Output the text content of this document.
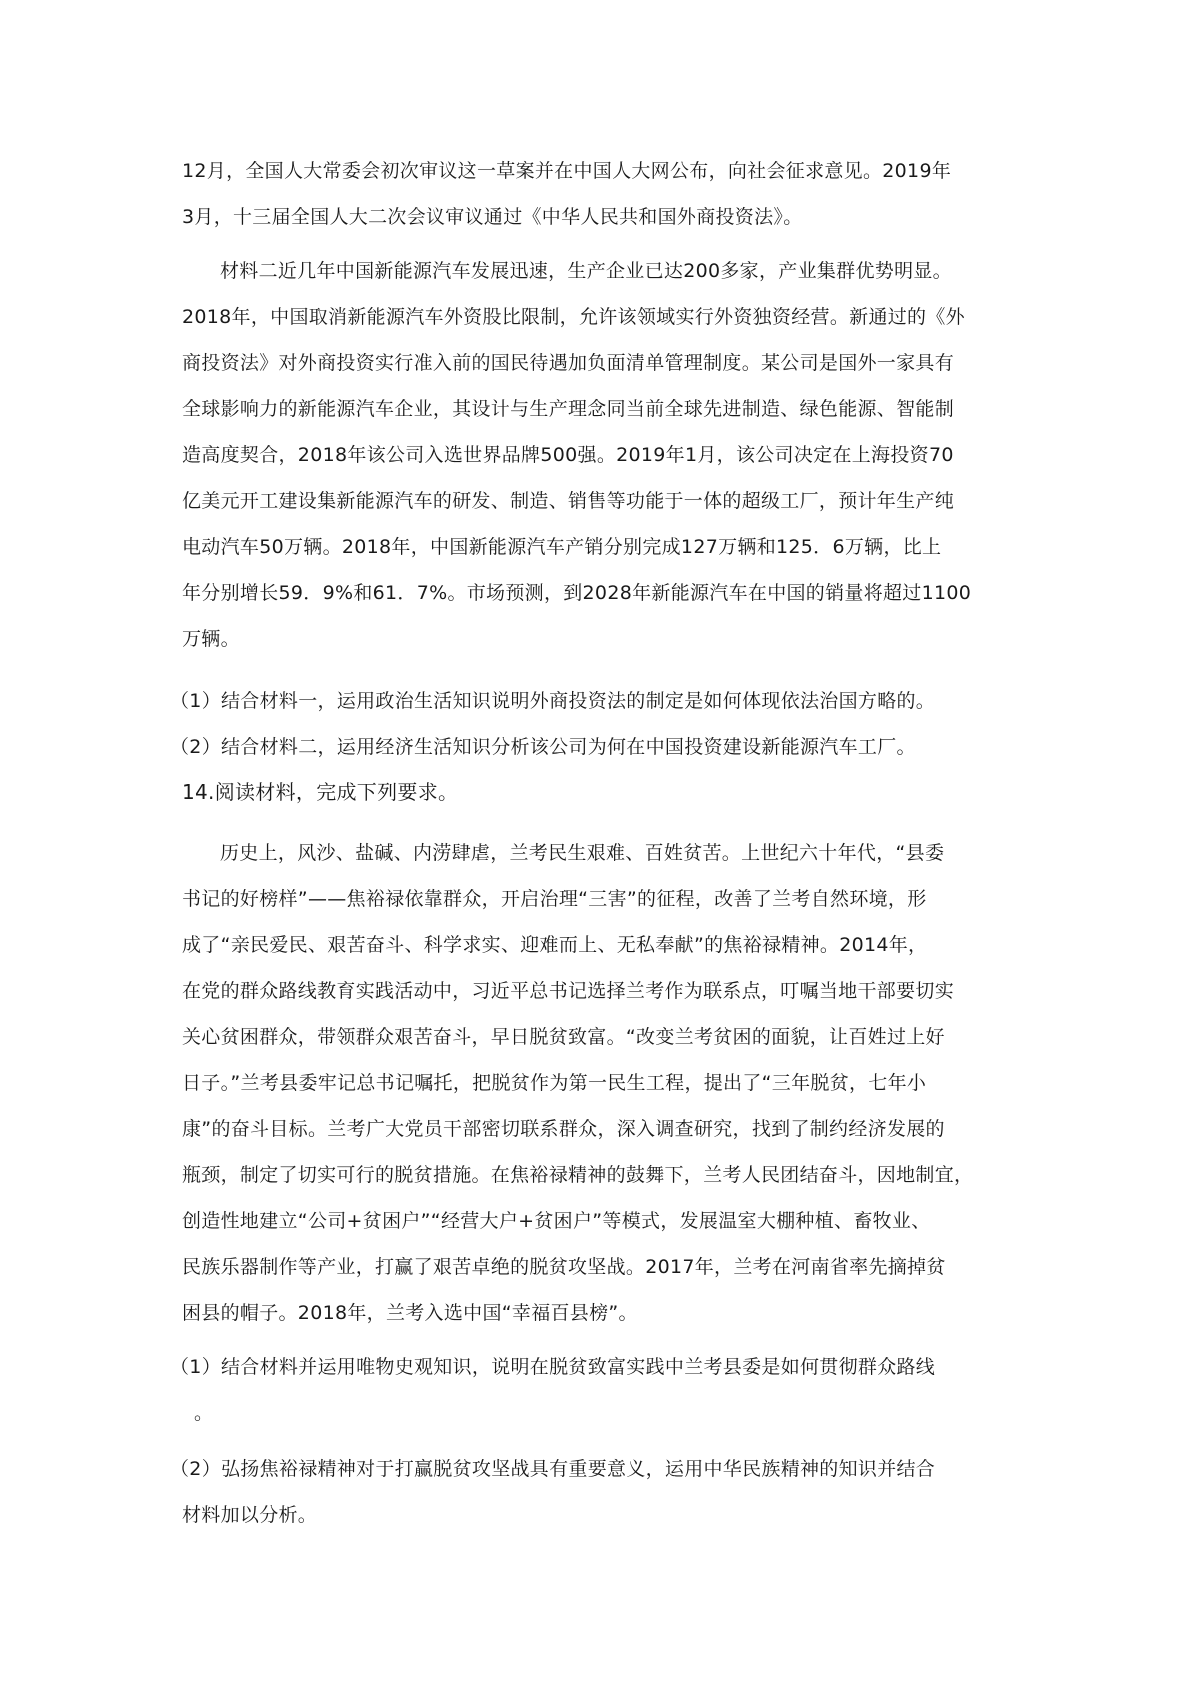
12月，全国人大常委会初次审议这一草案并在中国人大网公布，向社会征求意见。2019年
3月，十三届全国人大二次会议审议通过《中华人民共和国外商投资法》。
材料二近几年中国新能源汽车发展迅速，生产企业已达200多家，产业集群优势明显。
2018年，中国取消新能源汽车外资股比限制，允许该领域实行外资独资经营。新通过的《外
商投资法》对外商投资实行准入前的国民待遇加负面清单管理制度。某公司是国外一家具有
全球影响力的新能源汽车企业，其设计与生产理念同当前全球先进制造、绿色能源、智能制
造高度契合，2018年该公司入选世界品牌500强。2019年1月，该公司决定在上海投资70
亿美元开工建设集新能源汽车的研发、制造、销售等功能于一体的超级工厂，预计年生产纯
电动汽车50万辆。2018年，中国新能源汽车产销分别完成127万辆和125．6万辆，比上
年分别增长59．9%和61．7%。市场预测，到2028年新能源汽车在中国的销量将超过1100
万辆。
（1）结合材料一，运用政治生活知识说明外商投资法的制定是如何体现依法治国方略的。
（2）结合材料二，运用经济生活知识分析该公司为何在中国投资建设新能源汽车工厂。
14.阅读材料，完成下列要求。
历史上，风沙、盐碱、内涝肆虐，兰考民生艰难、百姓贫苦。上世纪六十年代，“县委
书记的好榜样”——焦裕禄依靠群众，开启治理“三害”的征程，改善了兰考自然环境，形
成了“亲民爱民、艰苦奋斗、科学求实、迎难而上、无私奉献”的焦裕禄精神。2014年，
在党的群众路线教育实践活动中，习近平总书记选择兰考作为联系点，叮嘱当地干部要切实
关心贫困群众，带领群众艰苦奋斗，早日脱贫致富。“改变兰考贫困的面貌，让百姓过上好
日子。”兰考县委牢记总书记嘱托，把脱贫作为第一民生工程，提出了“三年脱贫，七年小
康”的奋斗目标。兰考广大党员干部密切联系群众，深入调查研究，找到了制约经济发展的
瓶颈，制定了切实可行的脱贫措施。在焦裕禄精神的鼓舞下，兰考人民团结奋斗，因地制宜，
创造性地建立“公司+贫困户”“经营大户+贫困户”等模式，发展温室大棚种植、畜牧业、
民族乐器制作等产业，打赢了艰苦卓绝的脱贫攻坚战。2017年，兰考在河南省率先摘掉贫
困县的帽子。2018年，兰考入选中国“幸福百县榜”。
（1）结合材料并运用唯物史观知识，说明在脱贫致富实践中兰考县委是如何贯彻群众路线
。
（2）弘扬焦裕禄精神对于打赢脱贫攻坚战具有重要意义，运用中华民族精神的知识并结合
材料加以分析。
